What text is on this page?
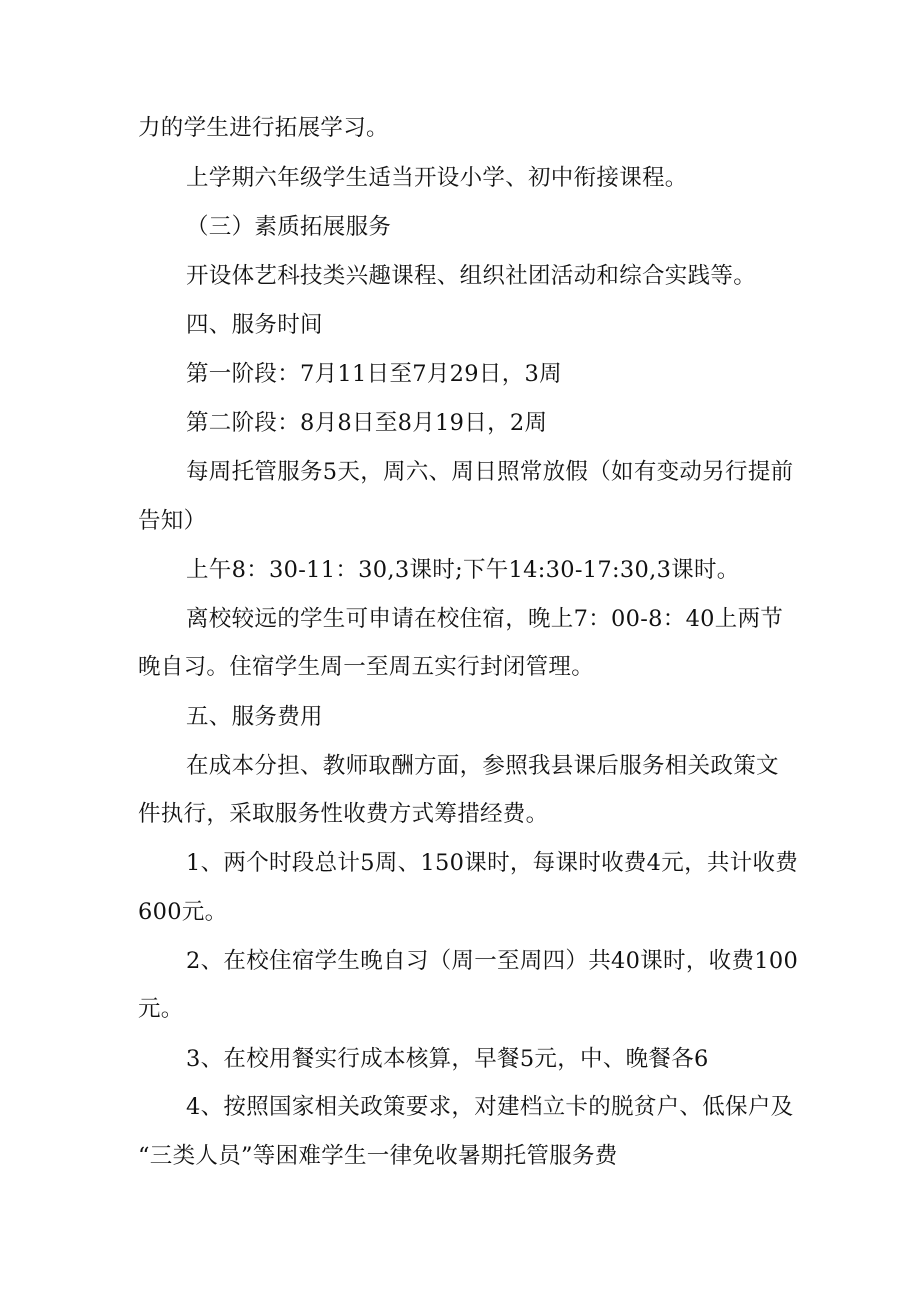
力的学生进行拓展学习。
上学期六年级学生适当开设小学、初中衔接课程。
（三）素质拓展服务
开设体艺科技类兴趣课程、组织社团活动和综合实践等。
四、服务时间
第一阶段：7月11日至7月29日，3周
第二阶段：8月8日至8月19日，2周
每周托管服务5天，周六、周日照常放假（如有变动另行提前
告知）
上午8：30-11：30,3课时;下午14:30-17:30,3课时。
离校较远的学生可申请在校住宿，晚上7：00-8：40上两节
晚自习。住宿学生周一至周五实行封闭管理。
五、服务费用
在成本分担、教师取酬方面，参照我县课后服务相关政策文
件执行，采取服务性收费方式筹措经费。
1、两个时段总计5周、150课时，每课时收费4元，共计收费
600元。
2、在校住宿学生晚自习（周一至周四）共40课时，收费100
元。
3、在校用餐实行成本核算，早餐5元，中、晚餐各6
4、按照国家相关政策要求，对建档立卡的脱贫户、低保户及
“三类人员”等困难学生一律免收暑期托管服务费
